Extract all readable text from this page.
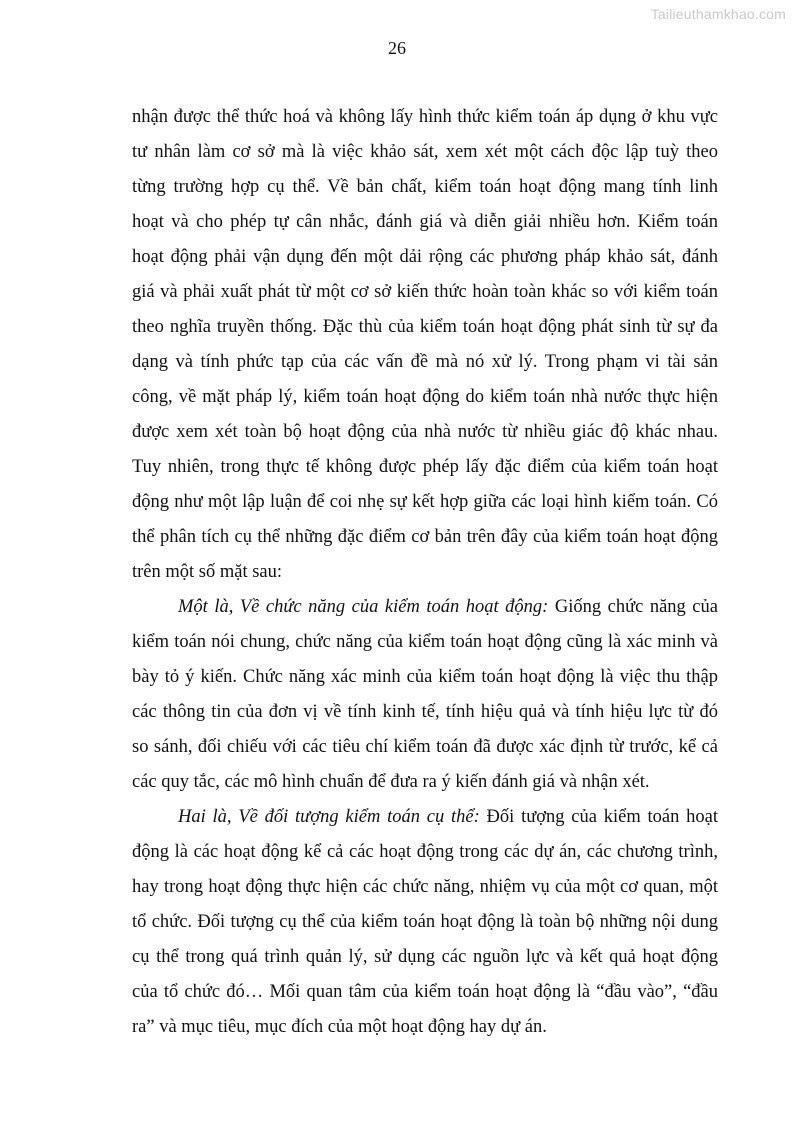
Tailieuthamkhao.com
26
nhận được thể thức hoá và không lấy hình thức kiểm toán áp dụng ở khu vực
tư nhân làm cơ sở mà là việc khảo sát, xem xét một cách độc lập tuỳ theo
từng trường hợp cụ thể. Về bản chất, kiểm toán hoạt động mang tính linh
hoạt và cho phép tự cân nhắc, đánh giá và diễn giải nhiều hơn. Kiểm toán
hoạt động phải vận dụng đến một dải rộng các phương pháp khảo sát, đánh
giá và phải xuất phát từ một cơ sở kiến thức hoàn toàn khác so với kiểm toán
theo nghĩa truyền thống. Đặc thù của kiểm toán hoạt động phát sinh từ sự đa
dạng và tính phức tạp của các vấn đề mà nó xử lý. Trong phạm vi tài sản
công, về mặt pháp lý, kiểm toán hoạt động do kiểm toán nhà nước thực hiện
được xem xét toàn bộ hoạt động của nhà nước từ nhiều giác độ khác nhau.
Tuy nhiên, trong thực tế không được phép lấy đặc điểm của kiểm toán hoạt
động như một lập luận để coi nhẹ sự kết hợp giữa các loại hình kiểm toán. Có
thể phân tích cụ thể những đặc điểm cơ bản trên đây của kiểm toán hoạt động
trên một số mặt sau:
Một là, Về chức năng của kiểm toán hoạt động: Giống chức năng của
kiểm toán nói chung, chức năng của kiểm toán hoạt động cũng là xác minh và
bày tỏ ý kiến. Chức năng xác minh của kiểm toán hoạt động là việc thu thập
các thông tin của đơn vị về tính kinh tế, tính hiệu quả và tính hiệu lực từ đó
so sánh, đối chiếu với các tiêu chí kiểm toán đã được xác định từ trước, kể cả
các quy tắc, các mô hình chuẩn để đưa ra ý kiến đánh giá và nhận xét.
Hai là, Về đối tượng kiểm toán cụ thể: Đối tượng của kiểm toán hoạt
động là các hoạt động kể cả các hoạt động trong các dự án, các chương trình,
hay trong hoạt động thực hiện các chức năng, nhiệm vụ của một cơ quan, một
tổ chức. Đối tượng cụ thể của kiểm toán hoạt động là toàn bộ những nội dung
cụ thể trong quá trình quản lý, sử dụng các nguồn lực và kết quả hoạt động
của tổ chức đó… Mối quan tâm của kiểm toán hoạt động là “đầu vào”, “đầu
ra” và mục tiêu, mục đích của một hoạt động hay dự án.
